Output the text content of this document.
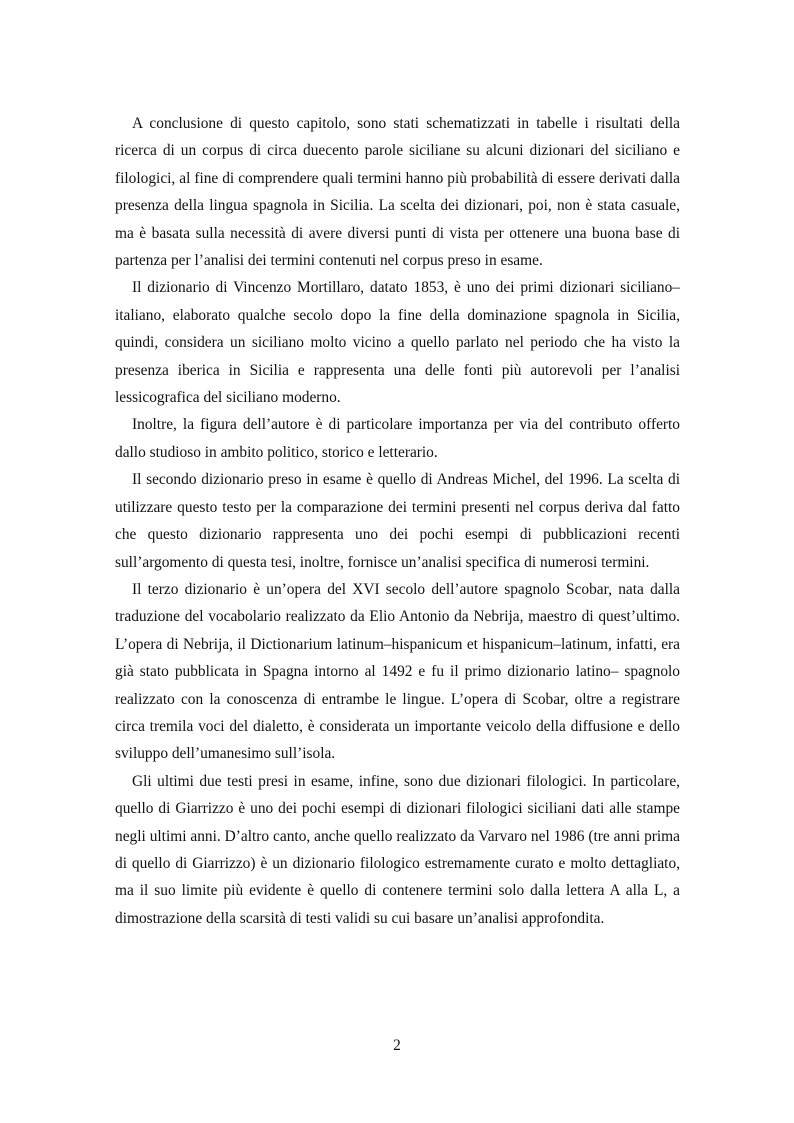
A conclusione di questo capitolo, sono stati schematizzati in tabelle i risultati della ricerca di un corpus di circa duecento parole siciliane su alcuni dizionari del siciliano e filologici, al fine di comprendere quali termini hanno più probabilità di essere derivati dalla presenza della lingua spagnola in Sicilia. La scelta dei dizionari, poi, non è stata casuale, ma è basata sulla necessità di avere diversi punti di vista per ottenere una buona base di partenza per l’analisi dei termini contenuti nel corpus preso in esame.

Il dizionario di Vincenzo Mortillaro, datato 1853, è uno dei primi dizionari siciliano–italiano, elaborato qualche secolo dopo la fine della dominazione spagnola in Sicilia, quindi, considera un siciliano molto vicino a quello parlato nel periodo che ha visto la presenza iberica in Sicilia e rappresenta una delle fonti più autorevoli per l’analisi lessicografica del siciliano moderno.

Inoltre, la figura dell’autore è di particolare importanza per via del contributo offerto dallo studioso in ambito politico, storico e letterario.

Il secondo dizionario preso in esame è quello di Andreas Michel, del 1996. La scelta di utilizzare questo testo per la comparazione dei termini presenti nel corpus deriva dal fatto che questo dizionario rappresenta uno dei pochi esempi di pubblicazioni recenti sull’argomento di questa tesi, inoltre, fornisce un’analisi specifica di numerosi termini.

Il terzo dizionario è un’opera del XVI secolo dell’autore spagnolo Scobar, nata dalla traduzione del vocabolario realizzato da Elio Antonio da Nebrija, maestro di quest’ultimo. L’opera di Nebrija, il Dictionarium latinum–hispanicum et hispanicum–latinum, infatti, era già stato pubblicata in Spagna intorno al 1492 e fu il primo dizionario latino– spagnolo realizzato con la conoscenza di entrambe le lingue. L’opera di Scobar, oltre a registrare circa tremila voci del dialetto, è considerata un importante veicolo della diffusione e dello sviluppo dell’umanesimo sull’isola.

Gli ultimi due testi presi in esame, infine, sono due dizionari filologici. In particolare, quello di Giarrizzo è uno dei pochi esempi di dizionari filologici siciliani dati alle stampe negli ultimi anni. D’altro canto, anche quello realizzato da Varvaro nel 1986 (tre anni prima di quello di Giarrizzo) è un dizionario filologico estremamente curato e molto dettagliato, ma il suo limite più evidente è quello di contenere termini solo dalla lettera A alla L, a dimostrazione della scarsità di testi validi su cui basare un’analisi approfondita.

2
